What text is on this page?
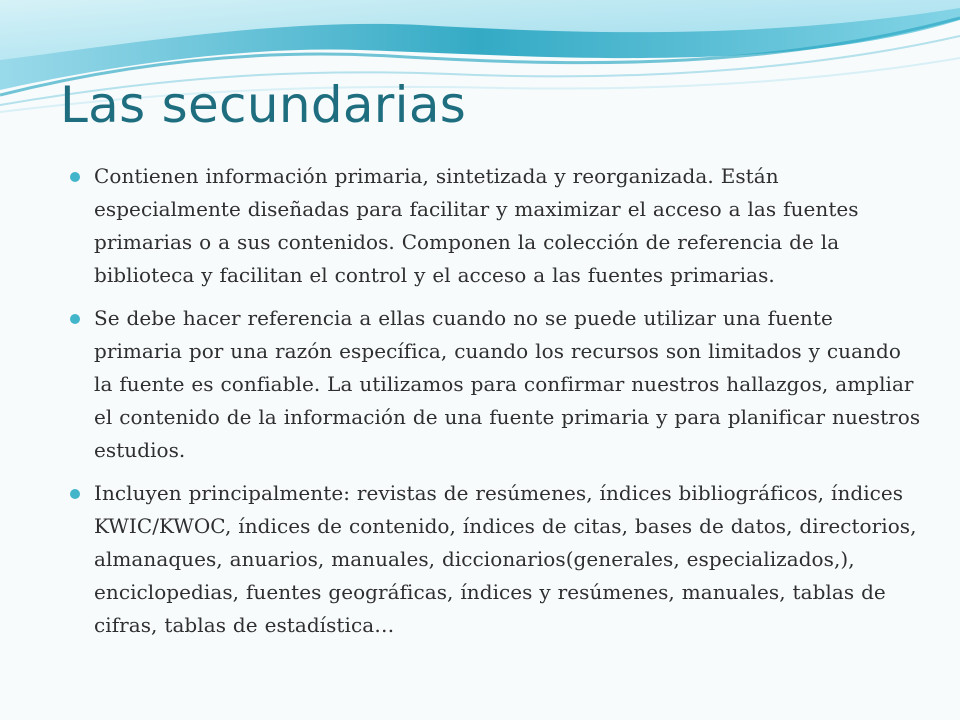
Las secundarias
Contienen información primaria, sintetizada y reorganizada. Están especialmente diseñadas para facilitar y maximizar el acceso a las fuentes primarias o a sus contenidos. Componen la colección de referencia de la biblioteca y facilitan el control y el acceso a las fuentes primarias.
Se debe hacer referencia a ellas cuando no se puede utilizar una fuente primaria por una razón específica, cuando los recursos son limitados y cuando la fuente es confiable. La utilizamos para confirmar nuestros hallazgos, ampliar el contenido de la información de una fuente primaria y para planificar nuestros estudios.
Incluyen principalmente: revistas de resúmenes, índices bibliográficos, índices KWIC/KWOC, índices de contenido, índices de citas, bases de datos, directorios, almanaques, anuarios, manuales, diccionarios(generales, especializados,), enciclopedias, fuentes geográficas, índices y resúmenes, manuales, tablas de cifras, tablas de estadística…
